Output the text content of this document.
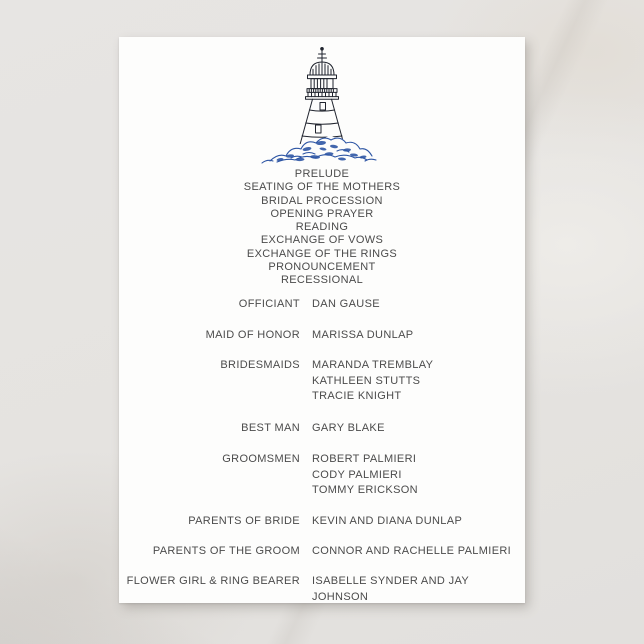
PRELUDE
SEATING OF THE MOTHERS
BRIDAL PROCESSION
OPENING PRAYER
READING
EXCHANGE OF VOWS
EXCHANGE OF THE RINGS
PRONOUNCEMENT
RECESSIONAL
OFFICIANT DAN GAUSE
MAID OF HONOR MARISSA DUNLAP
BRIDESMAIDS MARANDA TREMBLAY
KATHLEEN STUTTS
TRACIE KNIGHT
BEST MAN GARY BLAKE
GROOMSMEN ROBERT PALMIERI
CODY PALMIERI
TOMMY ERICKSON
PARENTS OF BRIDE KEVIN AND DIANA DUNLAP
PARENTS OF THE GROOM CONNOR AND RACHELLE PALMIERI
FLOWER GIRL & RING BEARER ISABELLE SYNDER AND JAY JOHNSON
